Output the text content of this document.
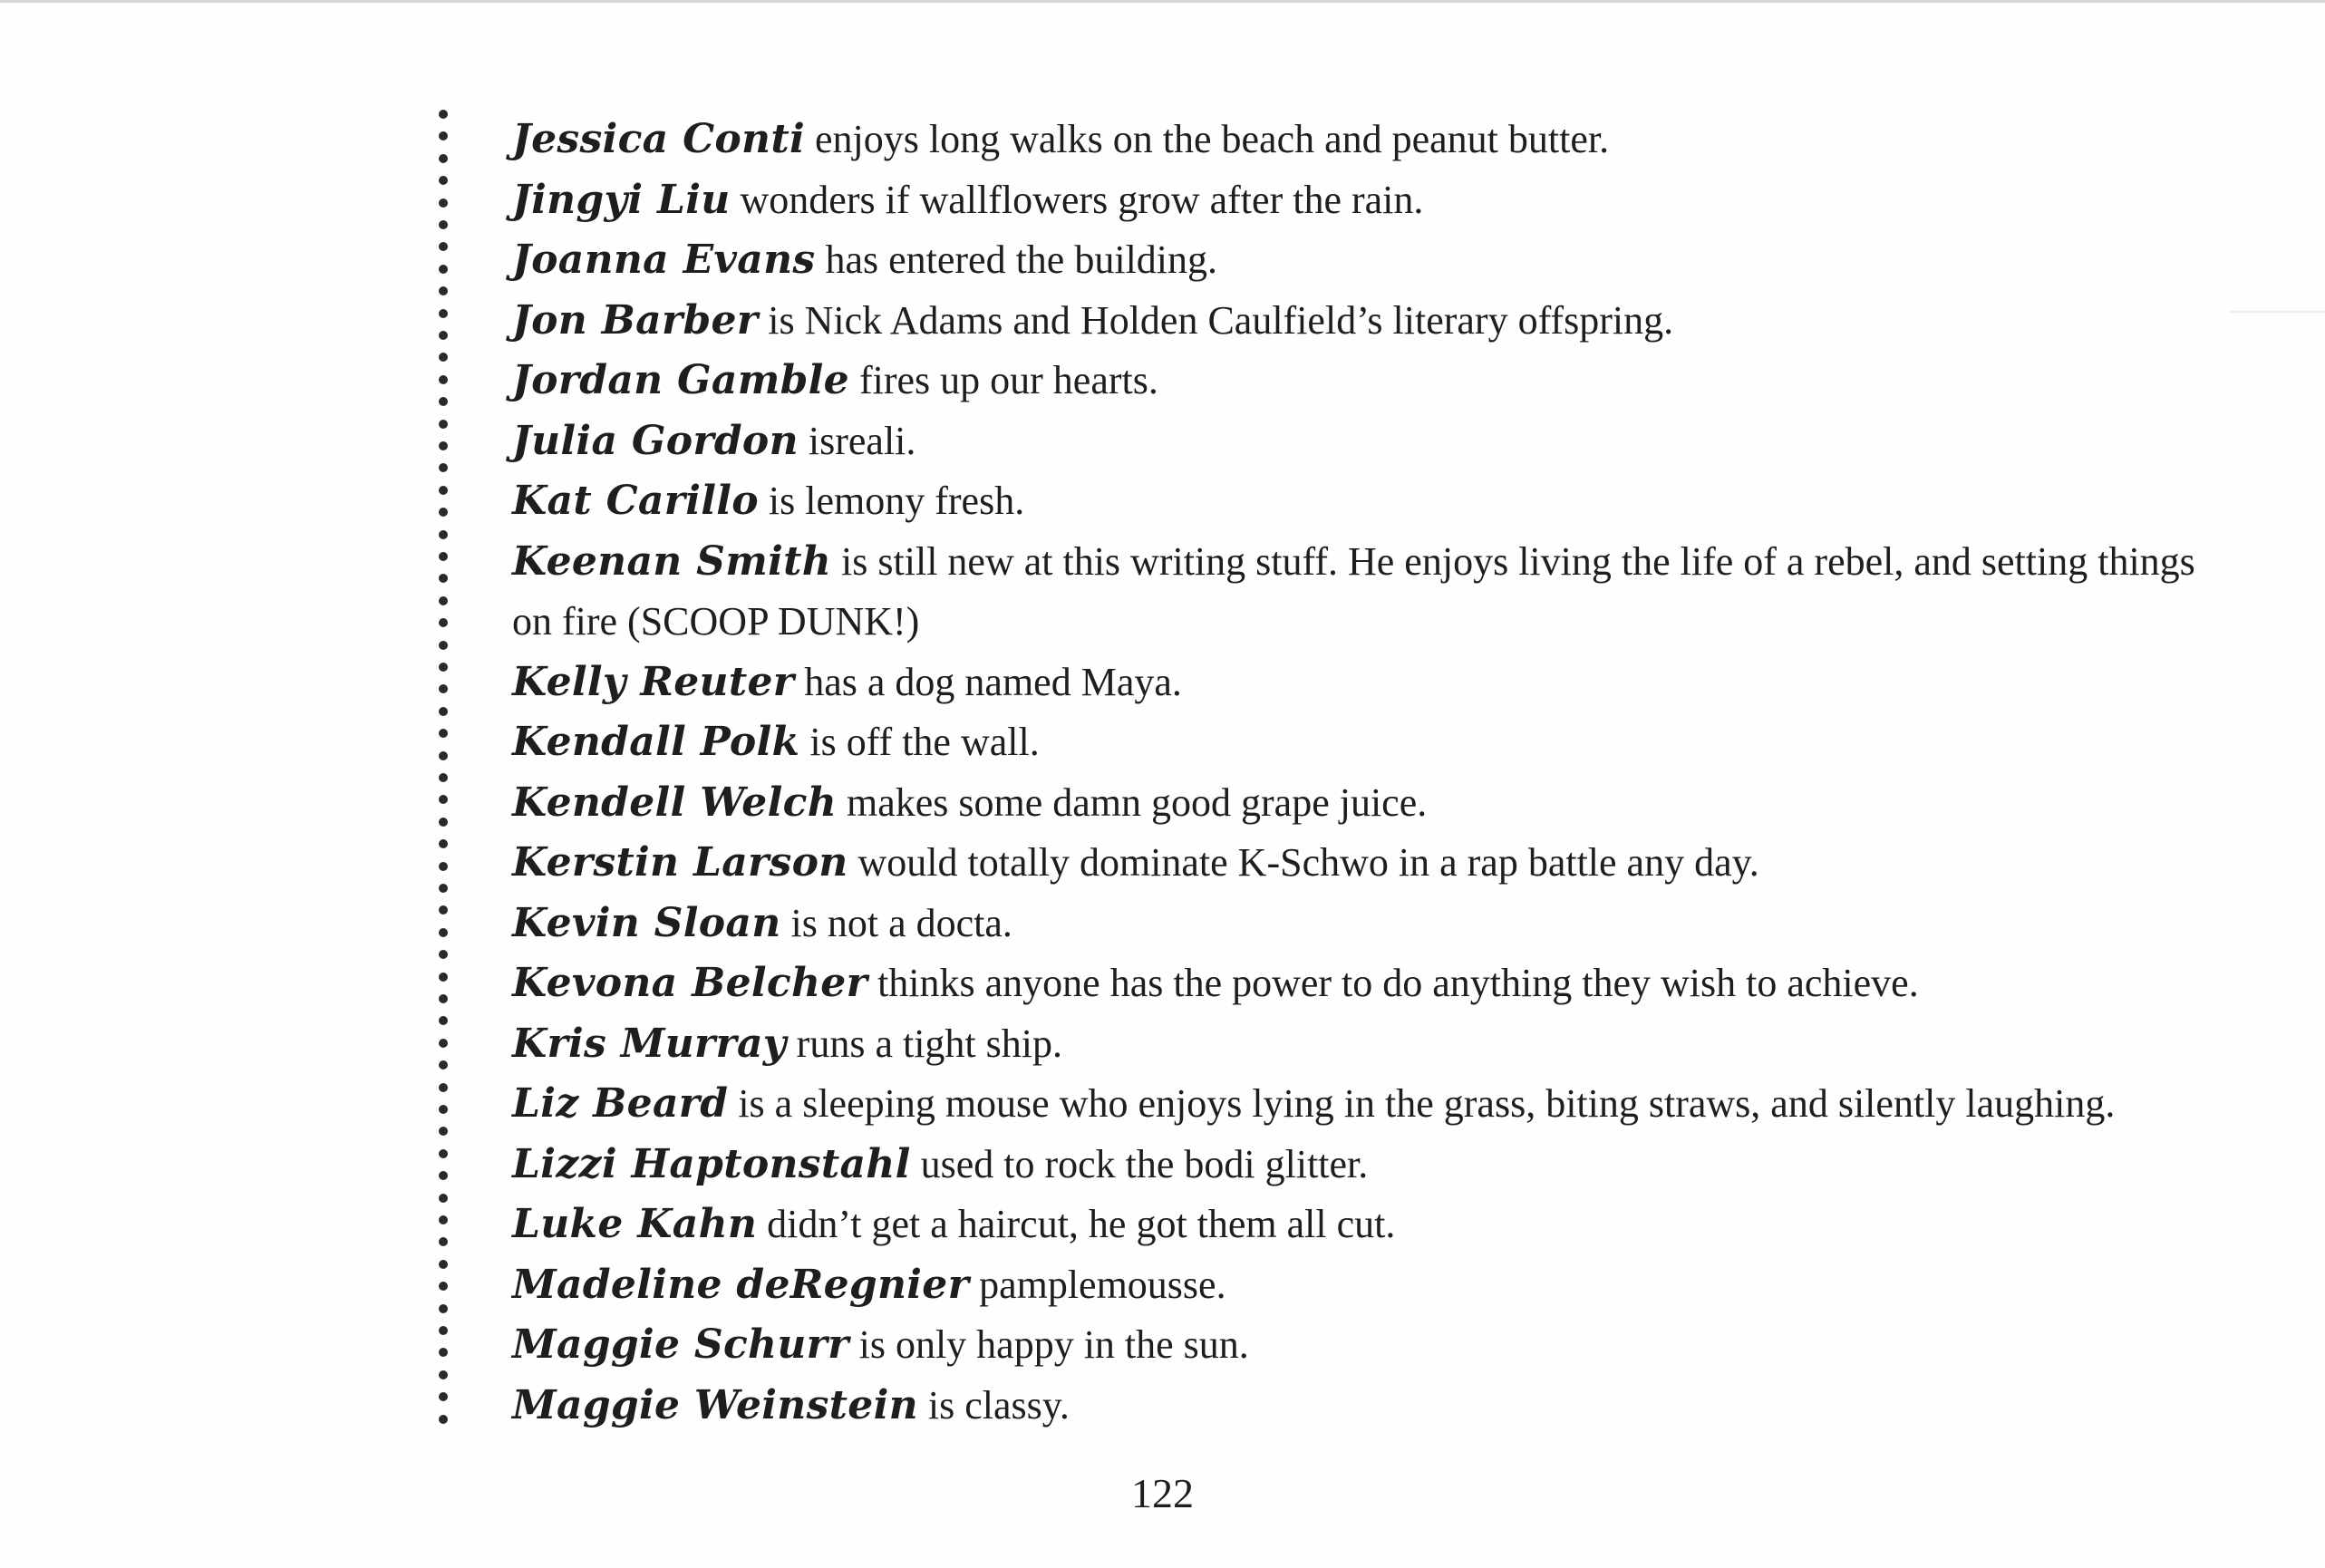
Jessica Conti enjoys long walks on the beach and peanut butter.
Jingyi Liu wonders if wallflowers grow after the rain.
Joanna Evans has entered the building.
Jon Barber is Nick Adams and Holden Caulfield’s literary offspring.
Jordan Gamble fires up our hearts.
Julia Gordon isreali.
Kat Carillo is lemony fresh.
Keenan Smith is still new at this writing stuff. He enjoys living the life of a rebel, and setting things on fire (SCOOP DUNK!)
Kelly Reuter has a dog named Maya.
Kendall Polk is off the wall.
Kendell Welch makes some damn good grape juice.
Kerstin Larson would totally dominate K-Schwo in a rap battle any day.
Kevin Sloan is not a docta.
Kevona Belcher thinks anyone has the power to do anything they wish to achieve.
Kris Murray runs a tight ship.
Liz Beard is a sleeping mouse who enjoys lying in the grass, biting straws, and silently laughing.
Lizzi Haptonstahl used to rock the bodi glitter.
Luke Kahn didn’t get a haircut, he got them all cut.
Madeline deRegnier pamplemousse.
Maggie Schurr is only happy in the sun.
Maggie Weinstein is classy.
122
